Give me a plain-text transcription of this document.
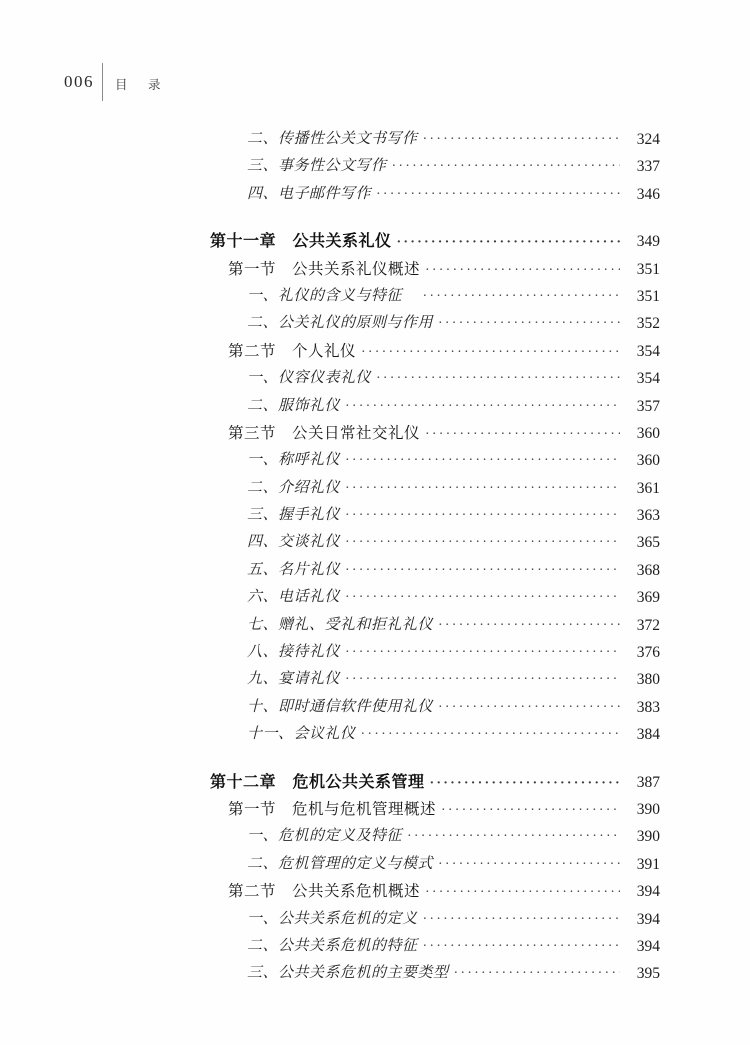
006 目　录
二、传播性公关文书写作 ·····	324
三、事务性公文写作 ·····	337
四、电子邮件写作 ·····	346
第十一章　公共关系礼仪 ·····	349
第一节　公共关系礼仪概述 ·····	351
一、礼仪的含义与特征　 ·····	351
二、公关礼仪的原则与作用 ·····	352
第二节　个人礼仪 ·····	354
一、仪容仪表礼仪 ·····	354
二、服饰礼仪 ·····	357
第三节　公关日常社交礼仪 ·····	360
一、称呼礼仪 ·····	360
二、介绍礼仪 ·····	361
三、握手礼仪 ·····	363
四、交谈礼仪 ·····	365
五、名片礼仪 ·····	368
六、电话礼仪 ·····	369
七、赠礼、受礼和拒礼礼仪 ·····	372
八、接待礼仪 ·····	376
九、宴请礼仪 ·····	380
十、即时通信软件使用礼仪 ·····	383
十一、会议礼仪 ·····	384
第十二章　危机公共关系管理 ·····	387
第一节　危机与危机管理概述 ·····	390
一、危机的定义及特征 ·····	390
二、危机管理的定义与模式 ·····	391
第二节　公共关系危机概述 ·····	394
一、公共关系危机的定义 ·····	394
二、公共关系危机的特征 ·····	394
三、公共关系危机的主要类型 ·····	395
